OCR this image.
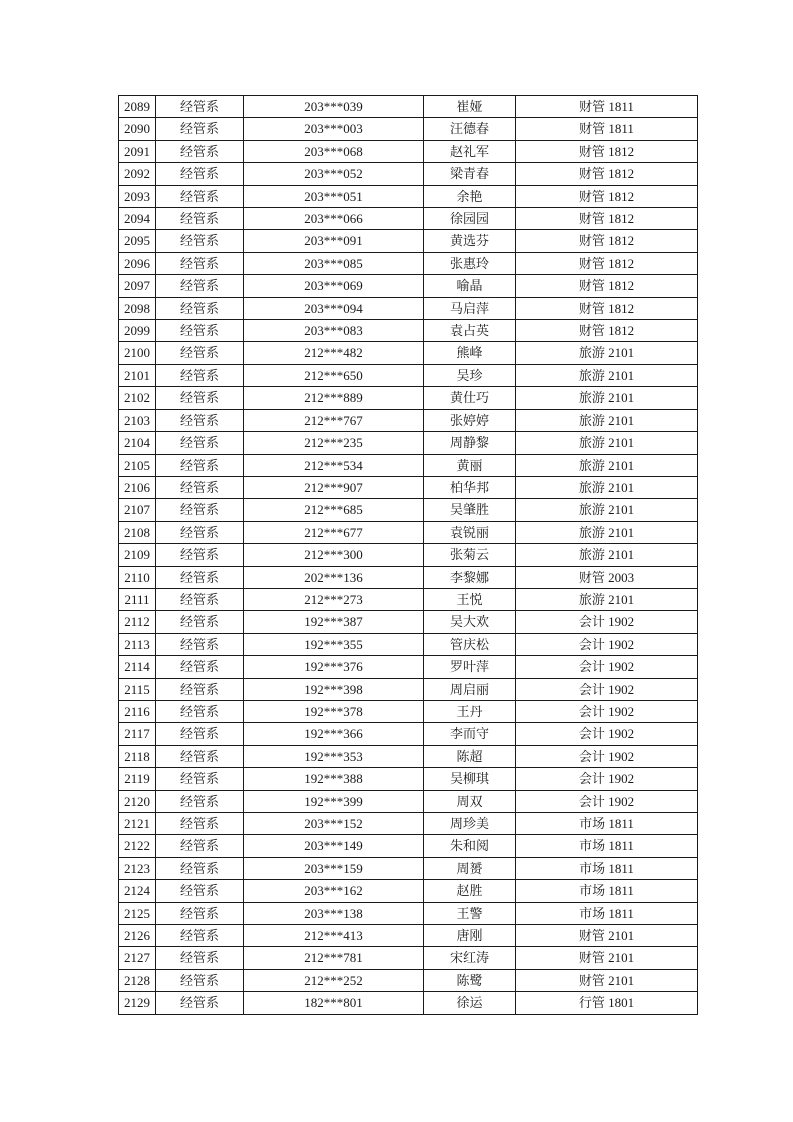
2089	经管系	203***039	崔娅	财管 1811
2090	经管系	203***003	汪德春	财管 1811
2091	经管系	203***068	赵礼军	财管 1812
2092	经管系	203***052	梁青春	财管 1812
2093	经管系	203***051	余艳	财管 1812
2094	经管系	203***066	徐园园	财管 1812
2095	经管系	203***091	黄选芬	财管 1812
2096	经管系	203***085	张惠玲	财管 1812
2097	经管系	203***069	喻晶	财管 1812
2098	经管系	203***094	马启萍	财管 1812
2099	经管系	203***083	袁占英	财管 1812
2100	经管系	212***482	熊峰	旅游 2101
2101	经管系	212***650	吴珍	旅游 2101
2102	经管系	212***889	黄仕巧	旅游 2101
2103	经管系	212***767	张婷婷	旅游 2101
2104	经管系	212***235	周静黎	旅游 2101
2105	经管系	212***534	黄丽	旅游 2101
2106	经管系	212***907	柏华邦	旅游 2101
2107	经管系	212***685	吴肇胜	旅游 2101
2108	经管系	212***677	袁锐丽	旅游 2101
2109	经管系	212***300	张菊云	旅游 2101
2110	经管系	202***136	李黎娜	财管 2003
2111	经管系	212***273	王悦	旅游 2101
2112	经管系	192***387	吴大欢	会计 1902
2113	经管系	192***355	管庆松	会计 1902
2114	经管系	192***376	罗叶萍	会计 1902
2115	经管系	192***398	周启丽	会计 1902
2116	经管系	192***378	王丹	会计 1902
2117	经管系	192***366	李而守	会计 1902
2118	经管系	192***353	陈超	会计 1902
2119	经管系	192***388	吴柳琪	会计 1902
2120	经管系	192***399	周双	会计 1902
2121	经管系	203***152	周珍美	市场 1811
2122	经管系	203***149	朱和阅	市场 1811
2123	经管系	203***159	周赟	市场 1811
2124	经管系	203***162	赵胜	市场 1811
2125	经管系	203***138	王警	市场 1811
2126	经管系	212***413	唐刚	财管 2101
2127	经管系	212***781	宋红涛	财管 2101
2128	经管系	212***252	陈鹭	财管 2101
2129	经管系	182***801	徐运	行管 1801
